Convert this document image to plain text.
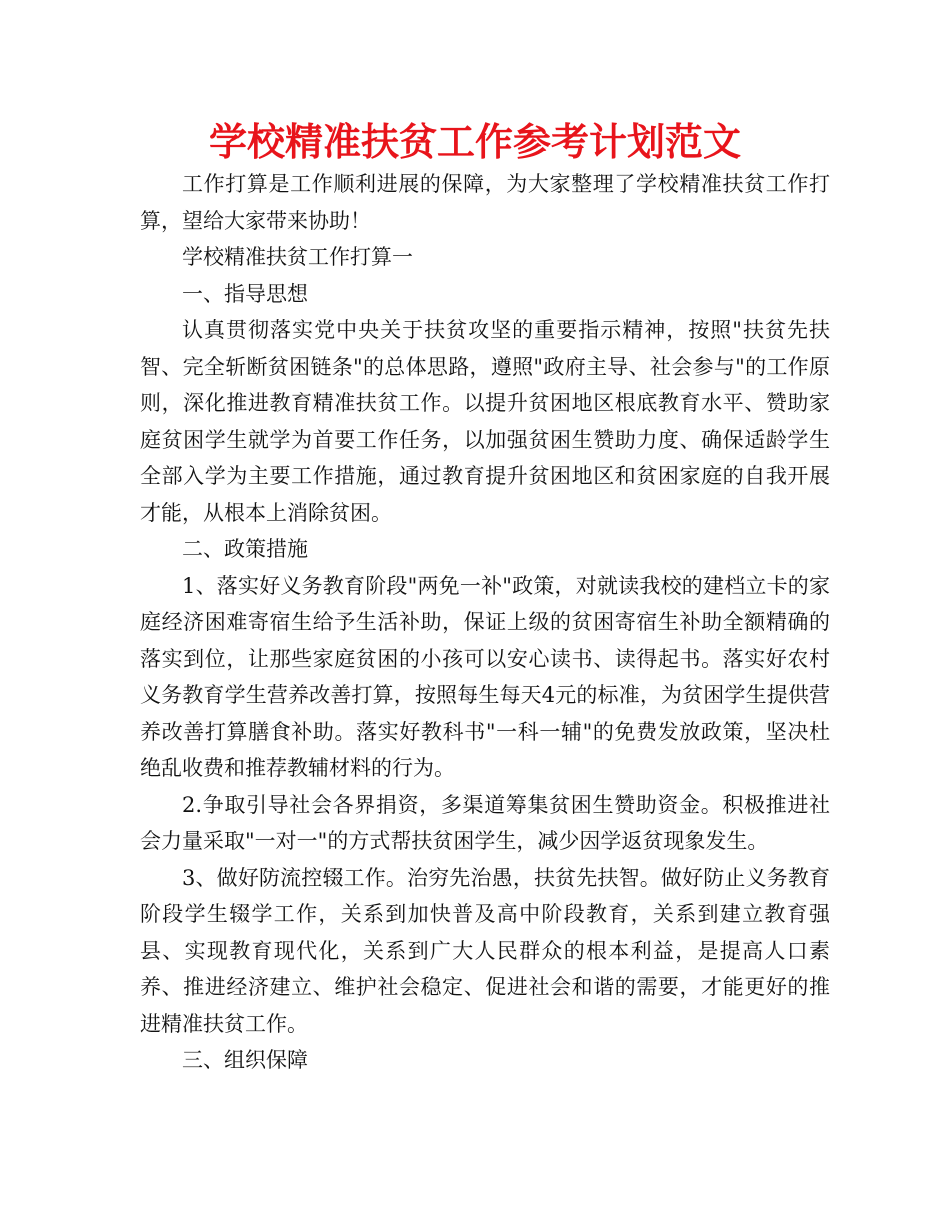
学校精准扶贫工作参考计划范文

工作打算是工作顺利进展的保障，为大家整理了学校精准扶贫工作打算，望给大家带来协助！

学校精准扶贫工作打算一

一、指导思想

认真贯彻落实党中央关于扶贫攻坚的重要指示精神，按照"扶贫先扶智、完全斩断贫困链条"的总体思路，遵照"政府主导、社会参与"的工作原则，深化推进教育精准扶贫工作。以提升贫困地区根底教育水平、赞助家庭贫困学生就学为首要工作任务，以加强贫困生赞助力度、确保适龄学生全部入学为主要工作措施，通过教育提升贫困地区和贫困家庭的自我开展才能，从根本上消除贫困。

二、政策措施

1、落实好义务教育阶段"两免一补"政策，对就读我校的建档立卡的家庭经济困难寄宿生给予生活补助，保证上级的贫困寄宿生补助全额精确的落实到位，让那些家庭贫困的小孩可以安心读书、读得起书。落实好农村义务教育学生营养改善打算，按照每生每天4元的标准，为贫困学生提供营养改善打算膳食补助。落实好教科书"一科一辅"的免费发放政策，坚决杜绝乱收费和推荐教辅材料的行为。

2.争取引导社会各界捐资，多渠道筹集贫困生赞助资金。积极推进社会力量采取"一对一"的方式帮扶贫困学生，减少因学返贫现象发生。

3、做好防流控辍工作。治穷先治愚，扶贫先扶智。做好防止义务教育阶段学生辍学工作，关系到加快普及高中阶段教育，关系到建立教育强县、实现教育现代化，关系到广大人民群众的根本利益，是提高人口素养、推进经济建立、维护社会稳定、促进社会和谐的需要，才能更好的推进精准扶贫工作。

三、组织保障
